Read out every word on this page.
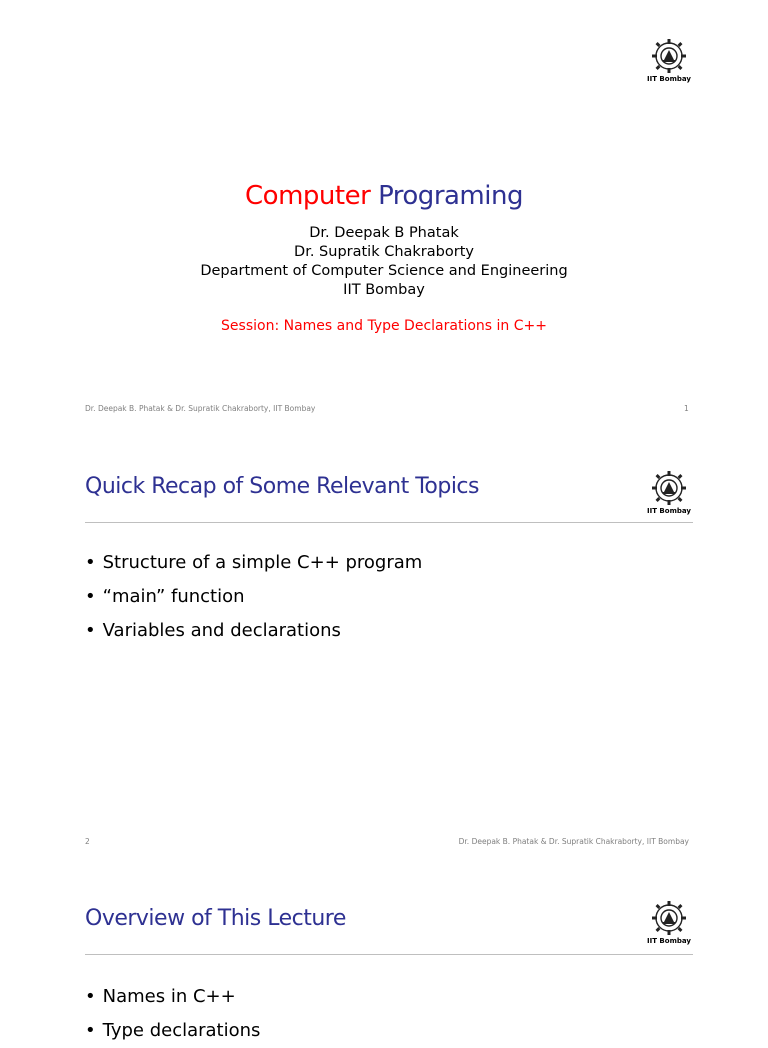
IIT Bombay
Computer Programing
Dr. Deepak B Phatak
Dr. Supratik Chakraborty
Department of Computer Science and Engineering
IIT Bombay
Session: Names and Type Declarations in C++
Dr. Deepak B. Phatak & Dr. Supratik Chakraborty, IIT Bombay	1
IIT Bombay
Quick Recap of Some Relevant Topics
• Structure of a simple C++ program
• “main” function
• Variables and declarations
2	Dr. Deepak B. Phatak & Dr. Supratik Chakraborty, IIT Bombay
IIT Bombay
Overview of This Lecture
• Names in C++
• Type declarations
